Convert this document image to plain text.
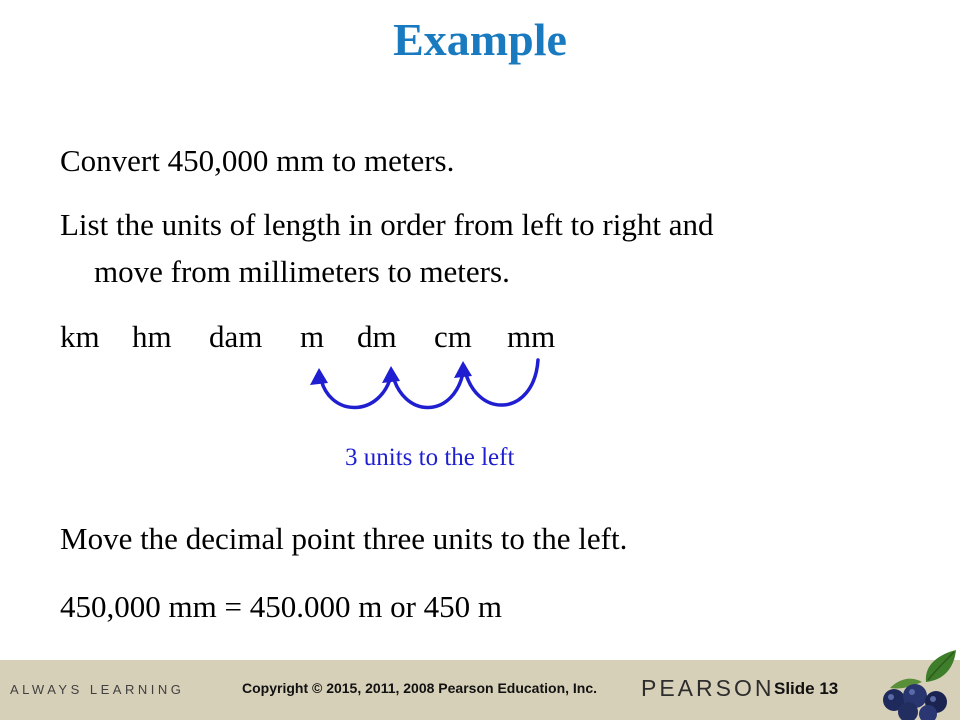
Example
Convert 450,000 mm to meters.
List the units of length in order from left to right and
move from millimeters to meters.
km hm dam m dm cm mm
3 units to the left
Move the decimal point three units to the left.
450,000 mm = 450.000 m or 450 m
ALWAYS LEARNING	Copyright © 2015, 2011, 2008 Pearson Education, Inc. PEARSON Slide 13
